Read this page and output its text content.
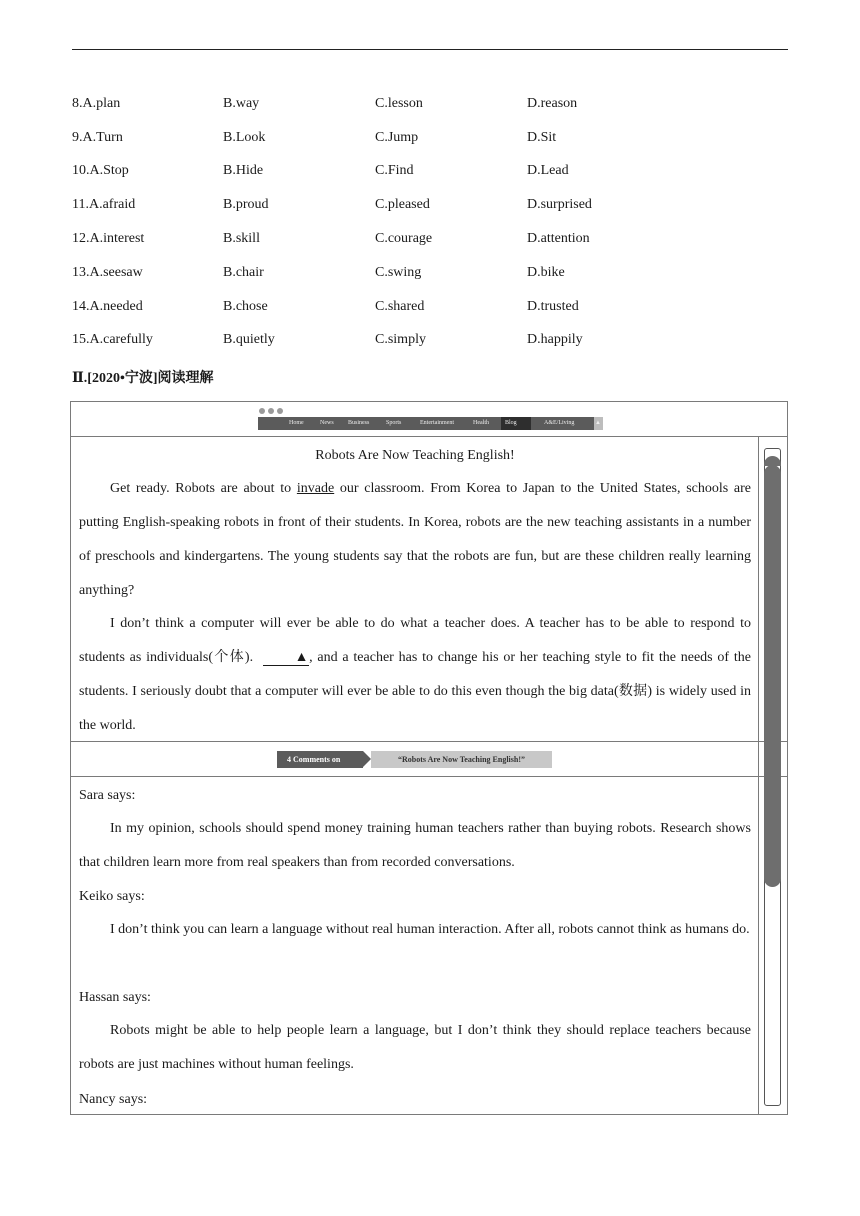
8.A.plan	B.way	C.lesson	D.reason
9.A.Turn	B.Look	C.Jump	D.Sit
10.A.Stop	B.Hide	C.Find	D.Lead
11.A.afraid	B.proud	C.pleased	D.surprised
12.A.interest	B.skill	C.courage	D.attention
13.A.seesaw	B.chair	C.swing	D.bike
14.A.needed	B.chose	C.shared	D.trusted
15.A.carefully	B.quietly	C.simply	D.happily
Ⅱ.[2020•宁波]阅读理解
Home	News Business	Sports	Entertainment	Health	Blog	A&E/Living	▲
Robots Are Now Teaching English!
Get ready. Robots are about to invade our classroom. From Korea to Japan to the United States, schools are putting English-speaking robots in front of their students. In Korea, robots are the new teaching assistants in a number of preschools and kindergartens. The young students say that the robots are fun, but are these children really learning anything?
I don’t think a computer will ever be able to do what a teacher does. A teacher has to be able to respond to students as individuals(个体).	▲, and a teacher has to change his or her teaching style to fit the needs of the students. I seriously doubt that a computer will ever be able to do this even though the big data(数据) is widely used in the world.
4 Comments on	“Robots Are Now Teaching English!”
Sara says:
In my opinion, schools should spend money training human teachers rather than buying robots. Research shows that children learn more from real speakers than from recorded conversations.
Keiko says:
I don’t think you can learn a language without real human interaction. After all, robots cannot think as humans do.
Hassan says:
Robots might be able to help people learn a language, but I don’t think they should replace teachers because robots are just machines without human feelings.
Nancy says:
